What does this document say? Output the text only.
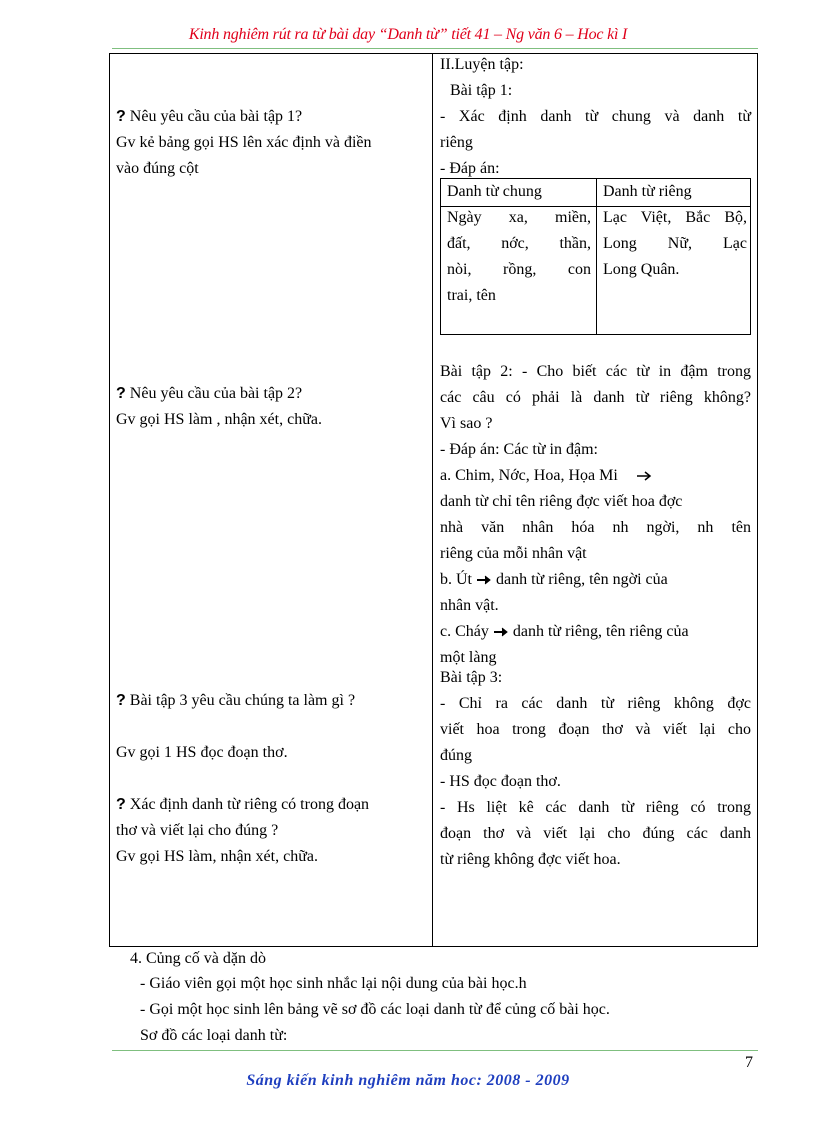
Kinh nghiêm rút ra từ bài day “Danh từ” tiết 41 – Ng văn 6 – Hoc kì I
? Nêu yêu cầu của bài tập 1?
Gv kẻ bảng gọi HS lên xác định và điền
vào đúng cột
? Nêu yêu cầu của bài tập 2?
Gv gọi HS làm , nhận xét, chữa.
? Bài tập 3 yêu cầu chúng ta làm gì ?
Gv gọi 1 HS đọc đoạn thơ.
? Xác định danh từ riêng có trong đoạn
thơ và viết lại cho đúng ?
Gv gọi HS làm, nhận xét, chữa.
II.Luyện tập:
Bài tập 1:
- Xác định danh từ chung và danh từ
riêng
- Đáp án:
Danh từ chung	Danh từ riêng
Ngày xa, miền,
đất, nớc, thần,
nòi, rồng, con
trai, tên
Lạc Việt, Bắc Bộ,
Long Nữ, Lạc
Long Quân.
Bài tập 2: - Cho biết các từ in đậm trong
các câu có phải là danh từ riêng không?
Vì sao ?
- Đáp án: Các từ in đậm:
a. Chim, Nớc, Hoa, Họa Mi
danh từ chỉ tên riêng đợc viết hoa đợc
nhà văn nhân hóa nh ngời, nh tên
riêng của mỗi nhân vật
b. Út danh từ riêng, tên ngời của
nhân vật.
c. Cháy danh từ riêng, tên riêng của
một làng
Bài tập 3:
- Chỉ ra các danh từ riêng không đợc
viết hoa trong đoạn thơ và viết lại cho
đúng
- HS đọc đoạn thơ.
- Hs liệt kê các danh từ riêng có trong
đoạn thơ và viết lại cho đúng các danh
từ riêng không đợc viết hoa.
4. Củng cố và dặn dò
- Giáo viên gọi một học sinh nhắc lại nội dung của bài học.h
- Gọi một học sinh lên bảng vẽ sơ đồ các loại danh từ để củng cố bài học.
Sơ đồ các loại danh từ:
7
Sáng kiến kinh nghiêm năm hoc: 2008 - 2009
